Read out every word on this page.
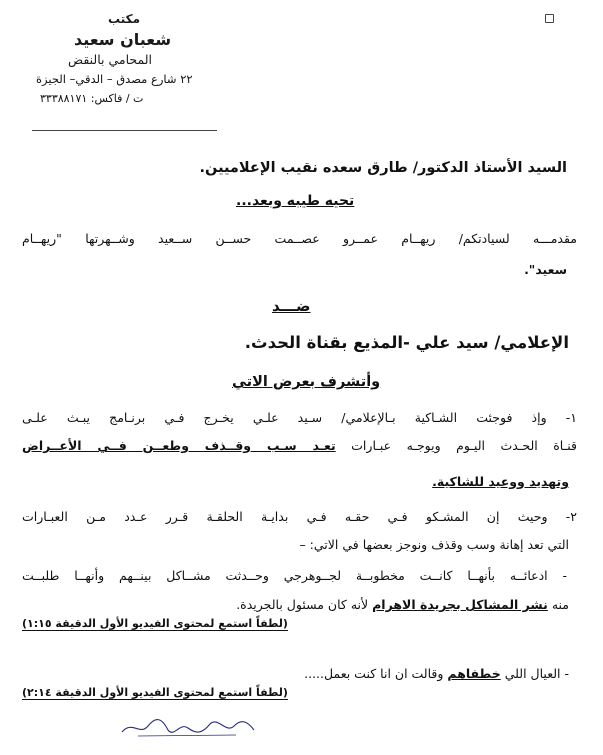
مكتب

شعبان سعيد

المحامي بالنقض

٢٢ شارع مصدق – الدقي– الجيزة

ت / فاكس: ٣٣٣٨٨١٧١

السيد الأستاذ الدكتور/ طارق سعده نقيب الإعلاميين.

تحيه طيبه وبعد...

مقدمـــه لسيادتكم/ ريهــام عمــرو عصــمت حســن ســعيد وشــهرتها "ريهــام

سعيد".

ضـــد

الإعلامي/ سيد علي -المذيع بقناة الحدث.

وأتشرف بعرض الاتي

١- وإذ فوجئت الشـاكية بـالإعلامي/ سـيد علـي يخـرج فـي برنـامج يبـث علـى

قنـاة الحـدث اليـوم ويوجـه عبـارات تعـد سـب وقــذف وطعــن فــي الأعــراض

وتهديد ووعيد للشاكية.

٢- وحيث إن المشـكو فـي حقـه فـي بدايـة الحلقـة قـرر عـدد مـن العبـارات

التي تعد إهانة وسب وقذف ونوجز بعضها في الاتي: –

- ادعائــه بأنهــا كانــت مخطوبــة لجــوهرجي وحــدثت مشــاكل بينــهم وأنهــا طلبــت

منه نشر المشاكل بجريدة الاهرام لأنه كان مسئول بالجريدة.

(لطفاً استمع لمحتوى الفيديو الأول الدقيقة ١:١٥)

- العيال اللي خطفاهم وقالت ان انا كنت بعمل.....

(لطفاً استمع لمحتوى الفيديو الأول الدقيقة ٢:١٤)
